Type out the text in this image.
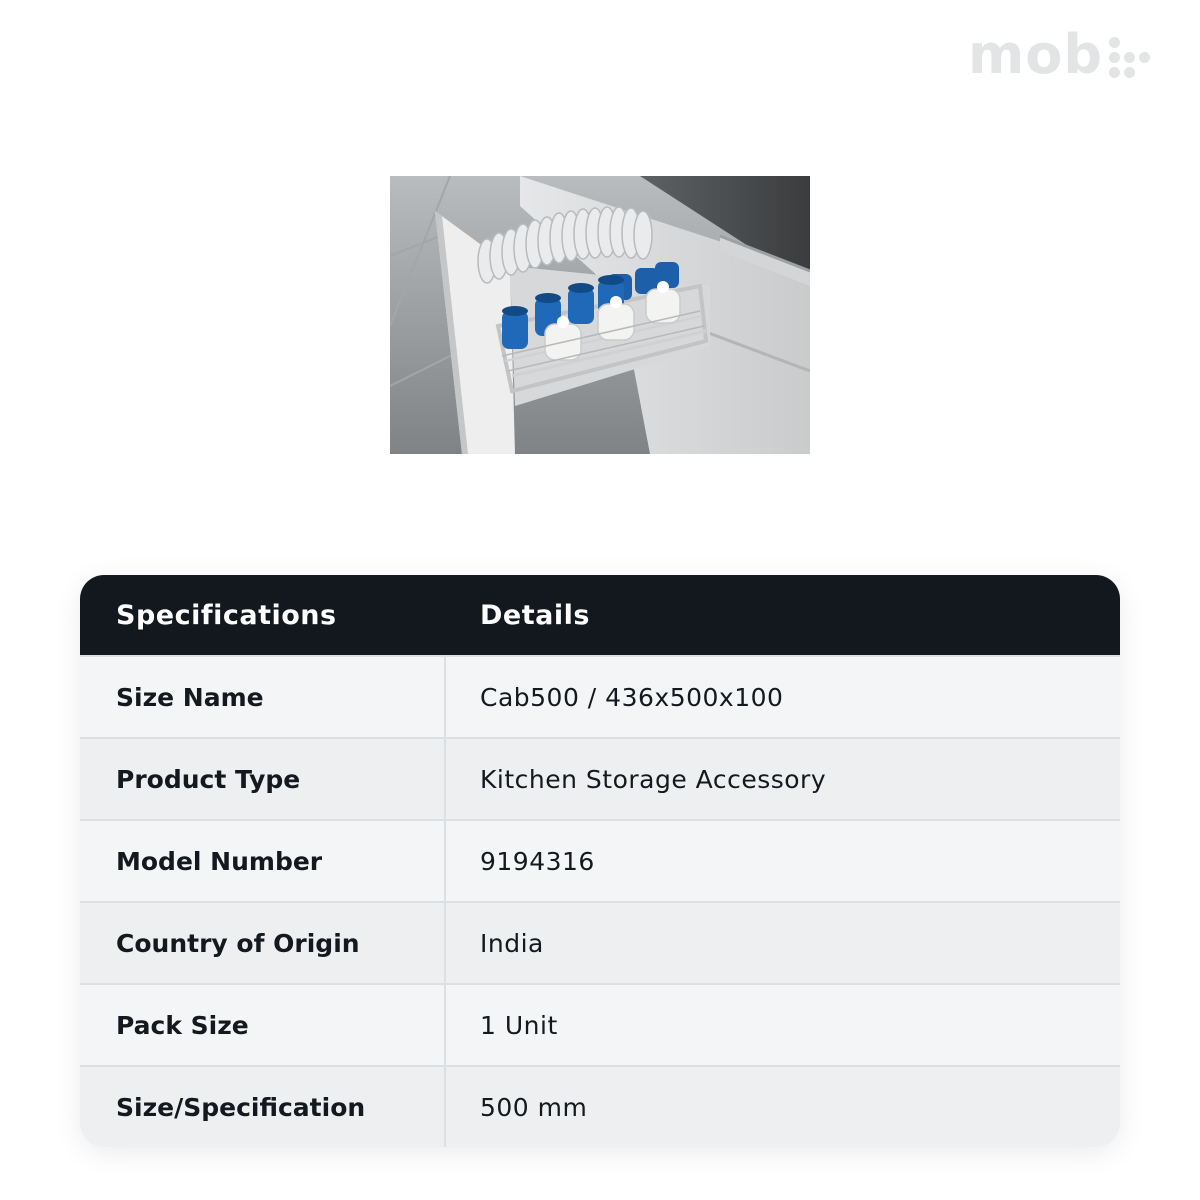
mob
Specifications	Details
Size Name	Cab500 / 436x500x100
Product Type	Kitchen Storage Accessory
Model Number	9194316
Country of Origin	India
Pack Size	1 Unit
Size/Specification	500 mm
